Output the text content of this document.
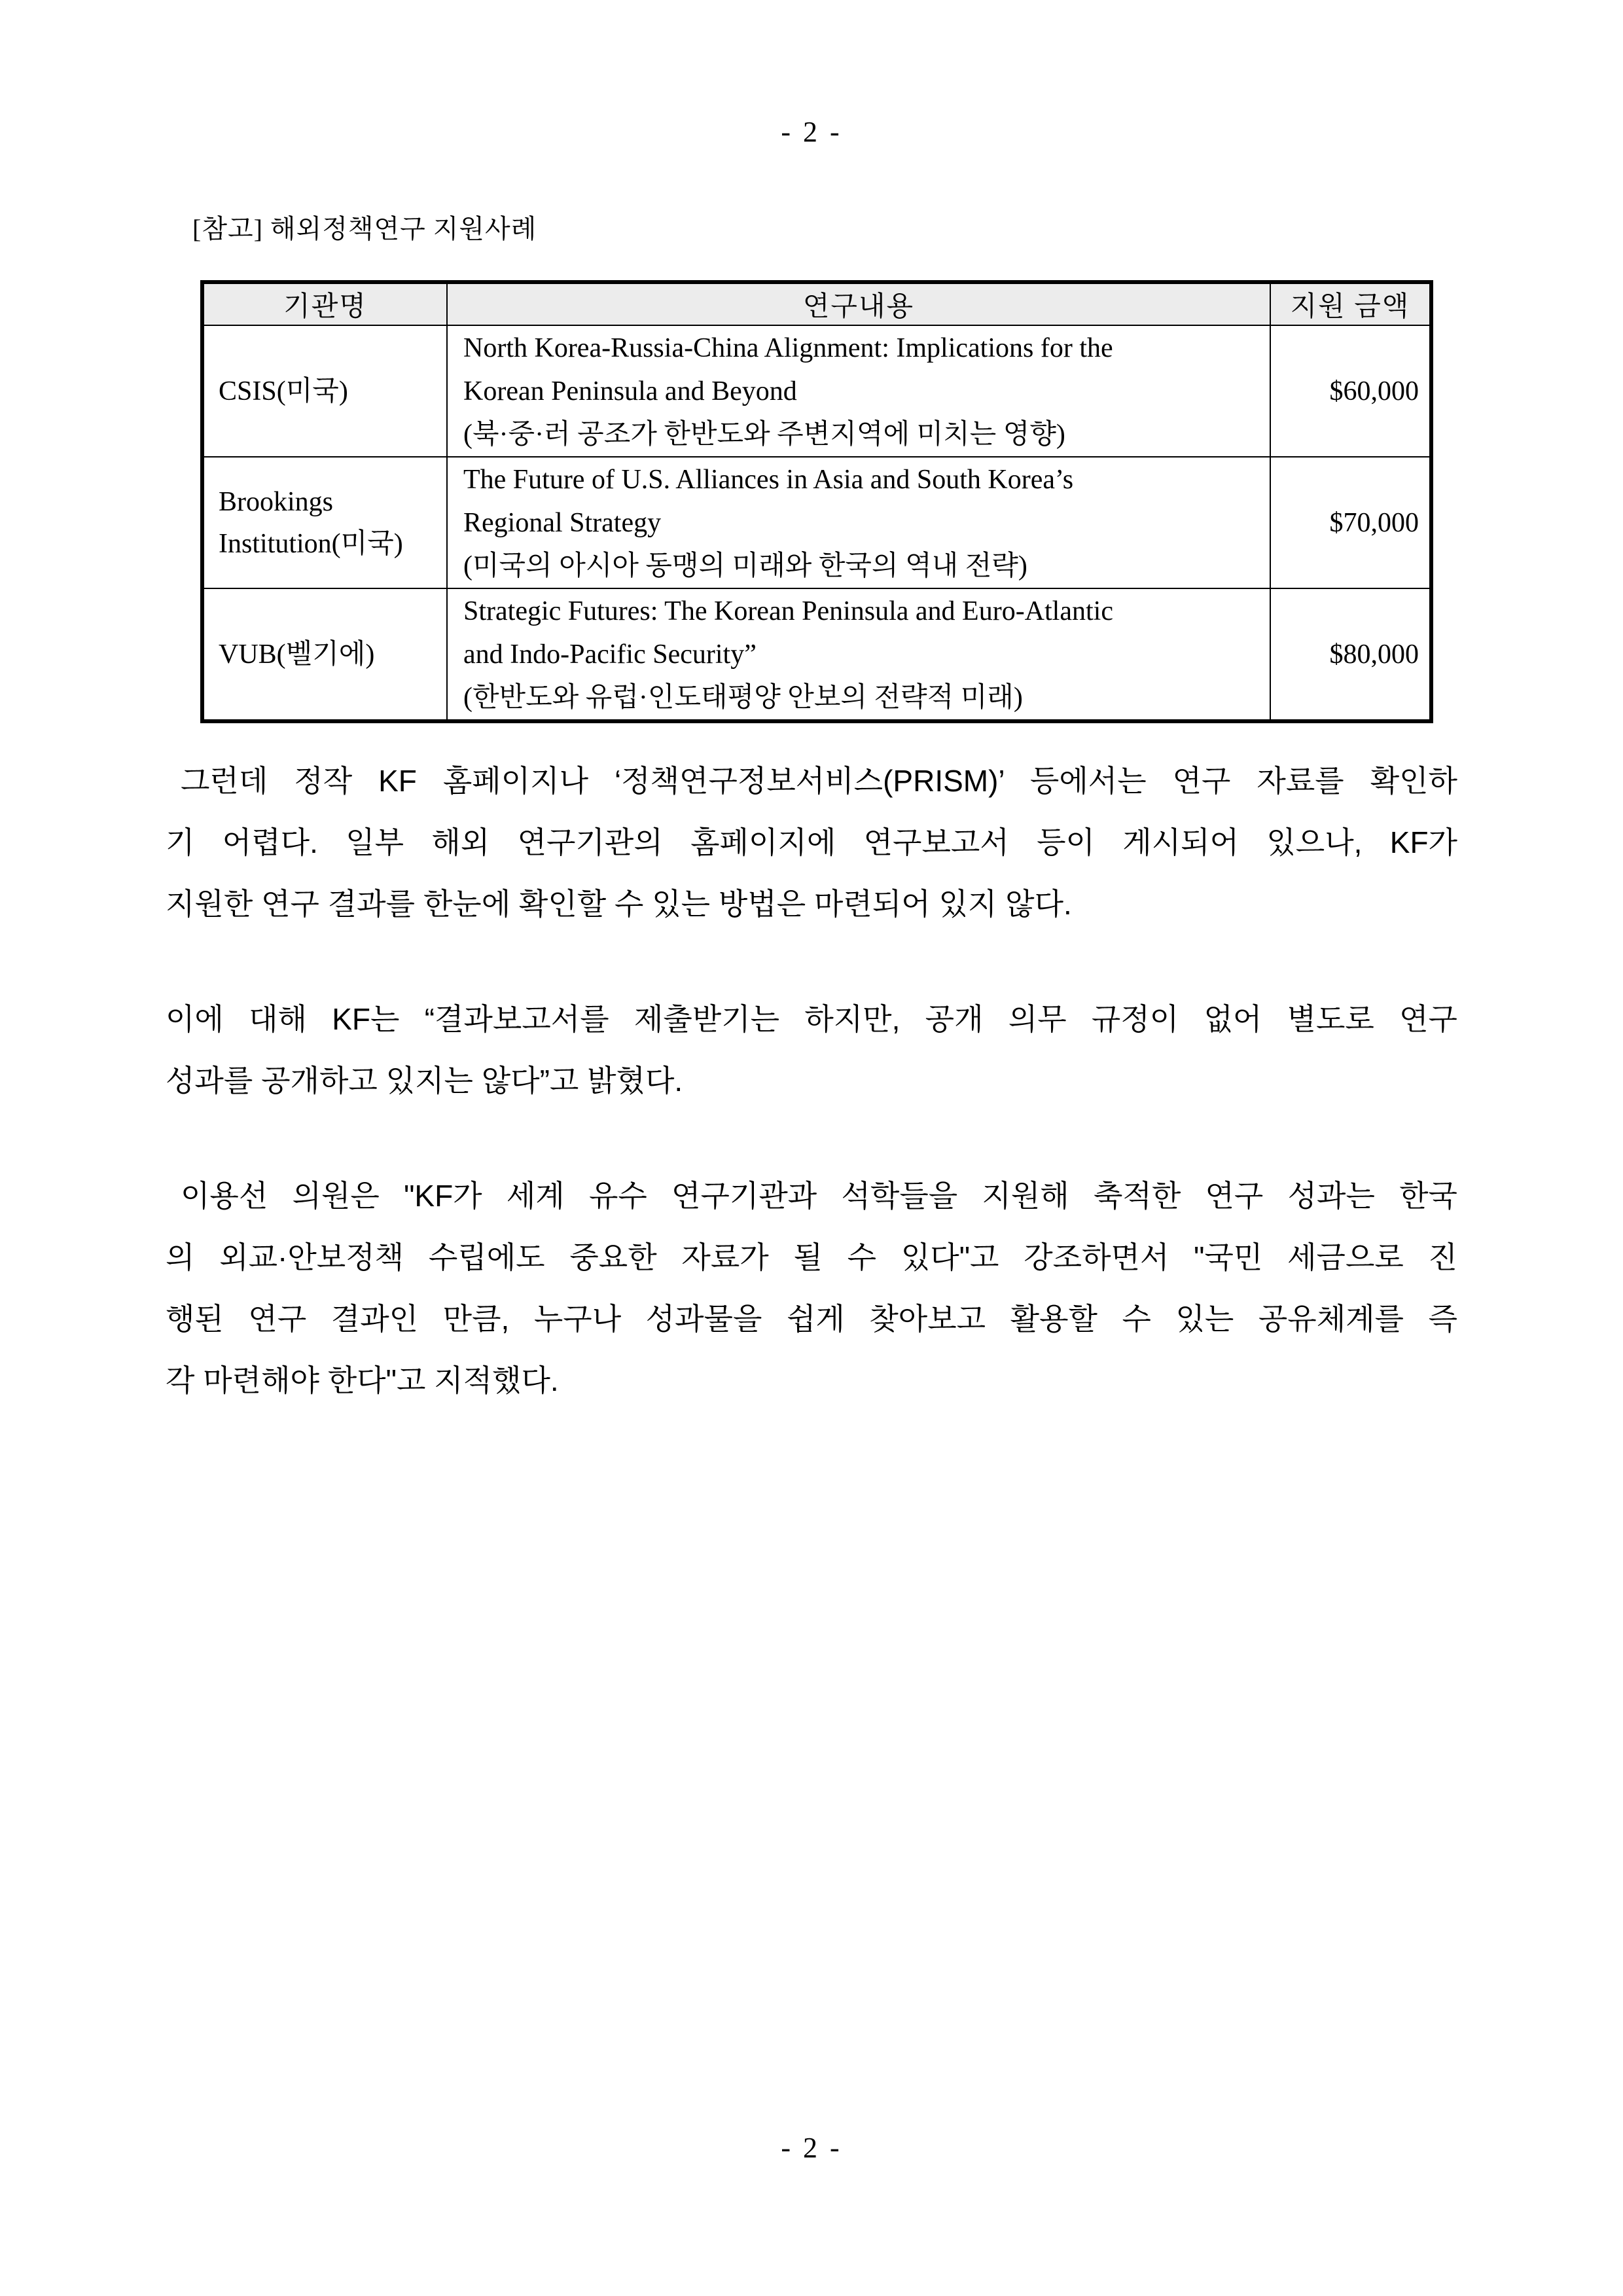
- 2 -
[참고] 해외정책연구 지원사례
기관명	연구내용	지원 금액
CSIS(미국)	North Korea-Russia-China Alignment: Implications for the
Korean Peninsula and Beyond
(북·중·러 공조가 한반도와 주변지역에 미치는 영향)	$60,000
Brookings Institution(미국)	The Future of U.S. Alliances in Asia and South Korea’s
Regional Strategy
(미국의 아시아 동맹의 미래와 한국의 역내 전략)	$70,000
VUB(벨기에)	Strategic Futures: The Korean Peninsula and Euro-Atlantic
and Indo-Pacific Security”
(한반도와 유럽·인도태평양 안보의 전략적 미래)	$80,000
 그런데 정작 KF 홈페이지나 ‘정책연구정보서비스(PRISM)’ 등에서는 연구 자료를 확인하
기 어렵다. 일부 해외 연구기관의 홈페이지에 연구보고서 등이 게시되어 있으나, KF가
지원한 연구 결과를 한눈에 확인할 수 있는 방법은 마련되어 있지 않다.
이에 대해 KF는 “결과보고서를 제출받기는 하지만, 공개 의무 규정이 없어 별도로 연구
성과를 공개하고 있지는 않다”고 밝혔다.
 이용선 의원은 "KF가 세계 유수 연구기관과 석학들을 지원해 축적한 연구 성과는 한국
의 외교·안보정책 수립에도 중요한 자료가 될 수 있다"고 강조하면서 "국민 세금으로 진
행된 연구 결과인 만큼, 누구나 성과물을 쉽게 찾아보고 활용할 수 있는 공유체계를 즉
각 마련해야 한다"고 지적했다.
- 2 -
